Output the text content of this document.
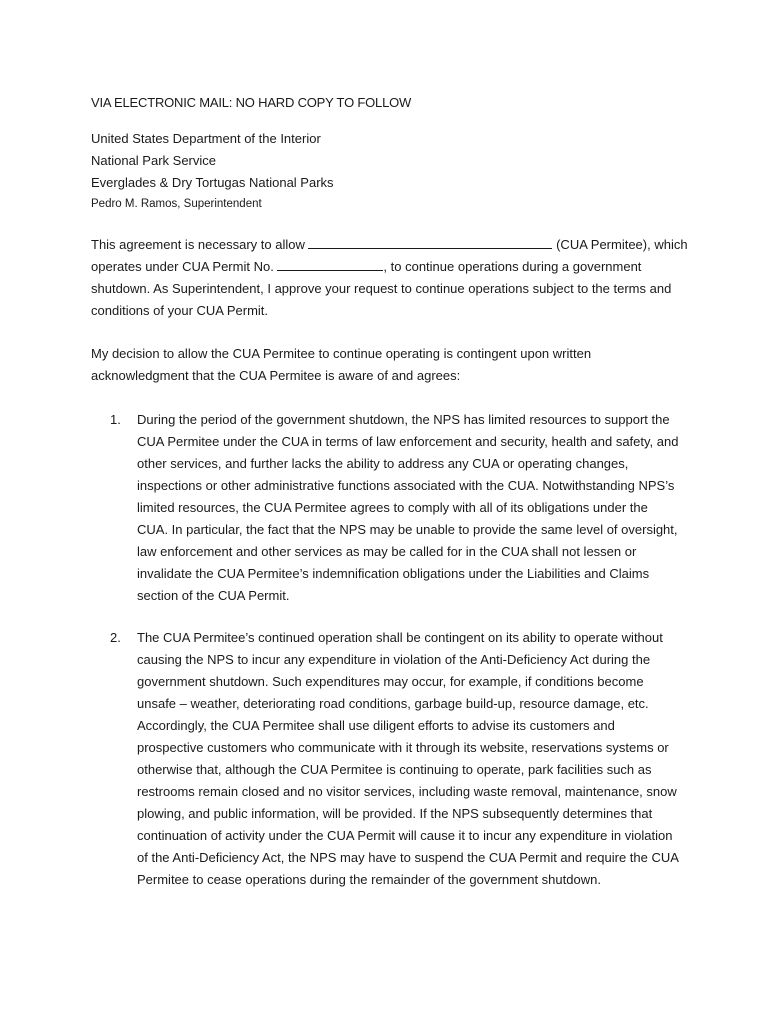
VIA ELECTRONIC MAIL: NO HARD COPY TO FOLLOW
United States Department of the Interior
National Park Service
Everglades & Dry Tortugas National Parks
Pedro M. Ramos, Superintendent

This agreement is necessary to allow	(CUA Permitee), which operates under CUA Permit No.	, to continue operations during a government shutdown. As Superintendent, I approve your request to continue operations subject to the terms and conditions of your CUA Permit.

My decision to allow the CUA Permitee to continue operating is contingent upon written acknowledgment that the CUA Permitee is aware of and agrees:

1. During the period of the government shutdown, the NPS has limited resources to support the CUA Permitee under the CUA in terms of law enforcement and security, health and safety, and other services, and further lacks the ability to address any CUA or operating changes, inspections or other administrative functions associated with the CUA. Notwithstanding NPS’s limited resources, the CUA Permitee agrees to comply with all of its obligations under the CUA. In particular, the fact that the NPS may be unable to provide the same level of oversight, law enforcement and other services as may be called for in the CUA shall not lessen or invalidate the CUA Permitee’s indemnification obligations under the Liabilities and Claims section of the CUA Permit.
2. The CUA Permitee’s continued operation shall be contingent on its ability to operate without causing the NPS to incur any expenditure in violation of the Anti-Deficiency Act during the government shutdown. Such expenditures may occur, for example, if conditions become unsafe – weather, deteriorating road conditions, garbage build-up, resource damage, etc. Accordingly, the CUA Permitee shall use diligent efforts to advise its customers and prospective customers who communicate with it through its website, reservations systems or otherwise that, although the CUA Permitee is continuing to operate, park facilities such as restrooms remain closed and no visitor services, including waste removal, maintenance, snow plowing, and public information, will be provided. If the NPS subsequently determines that continuation of activity under the CUA Permit will cause it to incur any expenditure in violation of the Anti-Deficiency Act, the NPS may have to suspend the CUA Permit and require the CUA Permitee to cease operations during the remainder of the government shutdown.
